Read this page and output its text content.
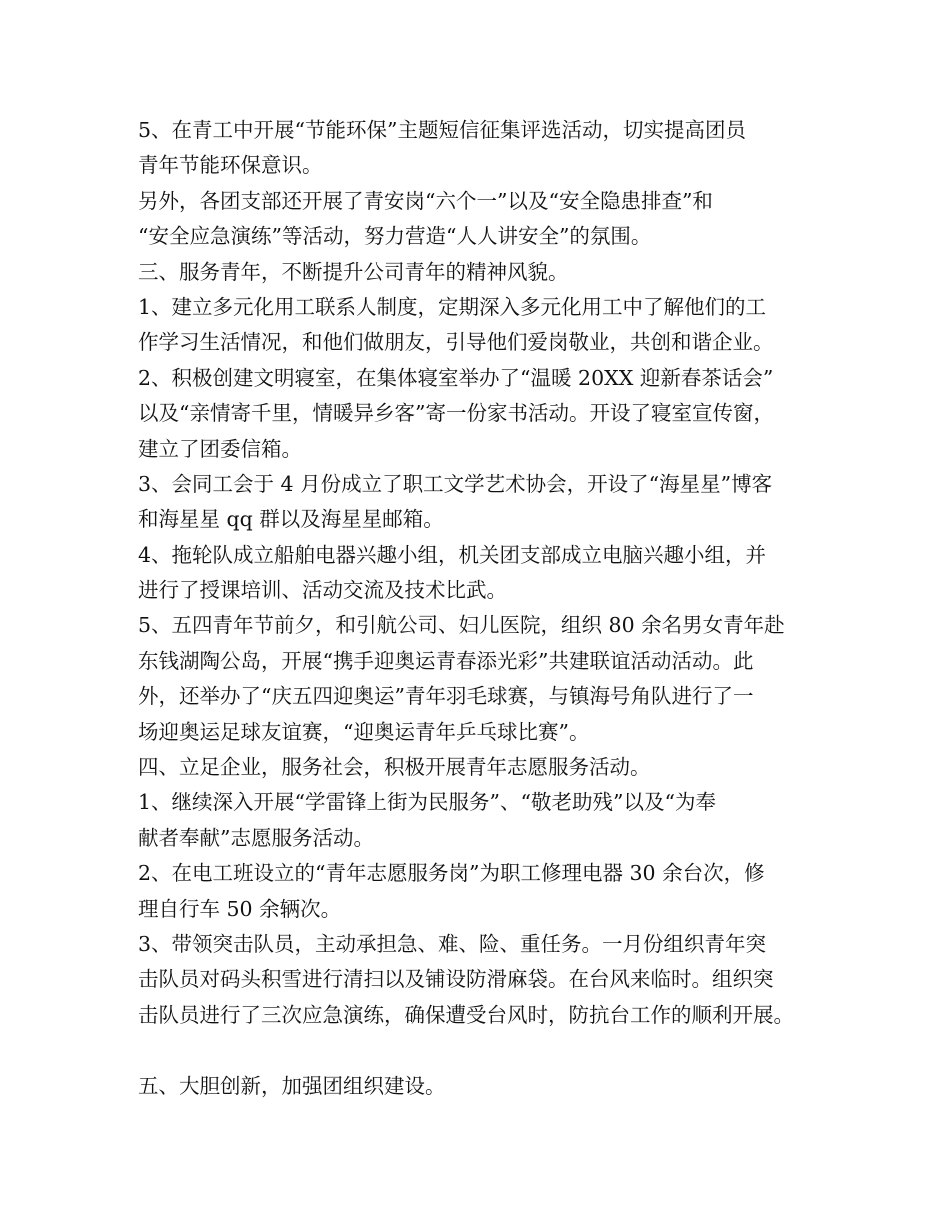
5、在青工中开展“节能环保”主题短信征集评选活动，切实提高团员
青年节能环保意识。
另外，各团支部还开展了青安岗“六个一”以及“安全隐患排查”和
“安全应急演练”等活动，努力营造“人人讲安全”的氛围。
三、服务青年，不断提升公司青年的精神风貌。
1、建立多元化用工联系人制度，定期深入多元化用工中了解他们的工
作学习生活情况，和他们做朋友，引导他们爱岗敬业，共创和谐企业。
2、积极创建文明寝室，在集体寝室举办了“温暖 20XX 迎新春茶话会”
以及“亲情寄千里，情暖异乡客”寄一份家书活动。开设了寝室宣传窗，
建立了团委信箱。
3、会同工会于 4 月份成立了职工文学艺术协会，开设了“海星星”博客
和海星星 qq 群以及海星星邮箱。
4、拖轮队成立船舶电器兴趣小组，机关团支部成立电脑兴趣小组，并
进行了授课培训、活动交流及技术比武。
5、五四青年节前夕，和引航公司、妇儿医院，组织 80 余名男女青年赴
东钱湖陶公岛，开展“携手迎奥运青春添光彩”共建联谊活动活动。此
外，还举办了“庆五四迎奥运”青年羽毛球赛，与镇海号角队进行了一
场迎奥运足球友谊赛，“迎奥运青年乒乓球比赛”。
四、立足企业，服务社会，积极开展青年志愿服务活动。
1、继续深入开展“学雷锋上街为民服务”、“敬老助残”以及“为奉
献者奉献”志愿服务活动。
2、在电工班设立的“青年志愿服务岗”为职工修理电器 30 余台次，修
理自行车 50 余辆次。
3、带领突击队员，主动承担急、难、险、重任务。一月份组织青年突
击队员对码头积雪进行清扫以及铺设防滑麻袋。在台风来临时。组织突
击队员进行了三次应急演练，确保遭受台风时，防抗台工作的顺利开展。
五、大胆创新，加强团组织建设。
